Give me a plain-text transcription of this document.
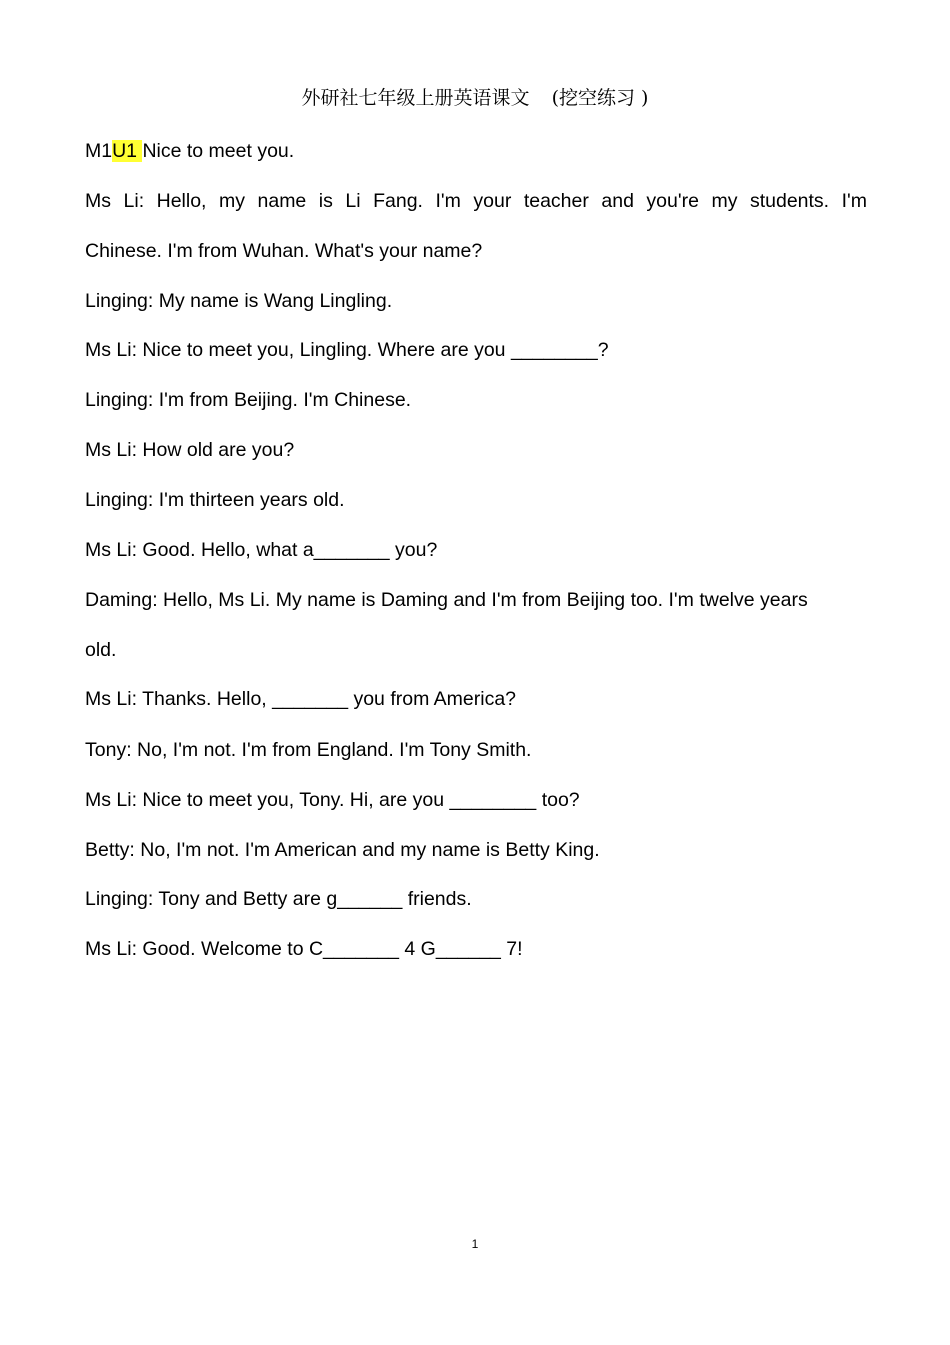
外研社七年级上册英语课文 (挖空练习 )
M1U1 Nice to meet you.
Ms Li: Hello, my name is Li Fang. I'm your teacher and you're my students. I'm
Chinese. I'm from Wuhan. What's your name?
Linging: My name is Wang Lingling.
Ms Li: Nice to meet you, Lingling. Where are you ________?
Linging: I'm from Beijing. I'm Chinese.
Ms Li: How old are you?
Linging: I'm thirteen years old.
Ms Li: Good. Hello, what a_______ you?
Daming: Hello, Ms Li. My name is Daming and I'm from Beijing too. I'm twelve years
old.
Ms Li: Thanks. Hello, _______ you from America?
Tony: No, I'm not. I'm from England. I'm Tony Smith.
Ms Li: Nice to meet you, Tony. Hi, are you ________ too?
Betty: No, I'm not. I'm American and my name is Betty King.
Linging: Tony and Betty are g______ friends.
Ms Li: Good. Welcome to C_______ 4 G______ 7!
1
